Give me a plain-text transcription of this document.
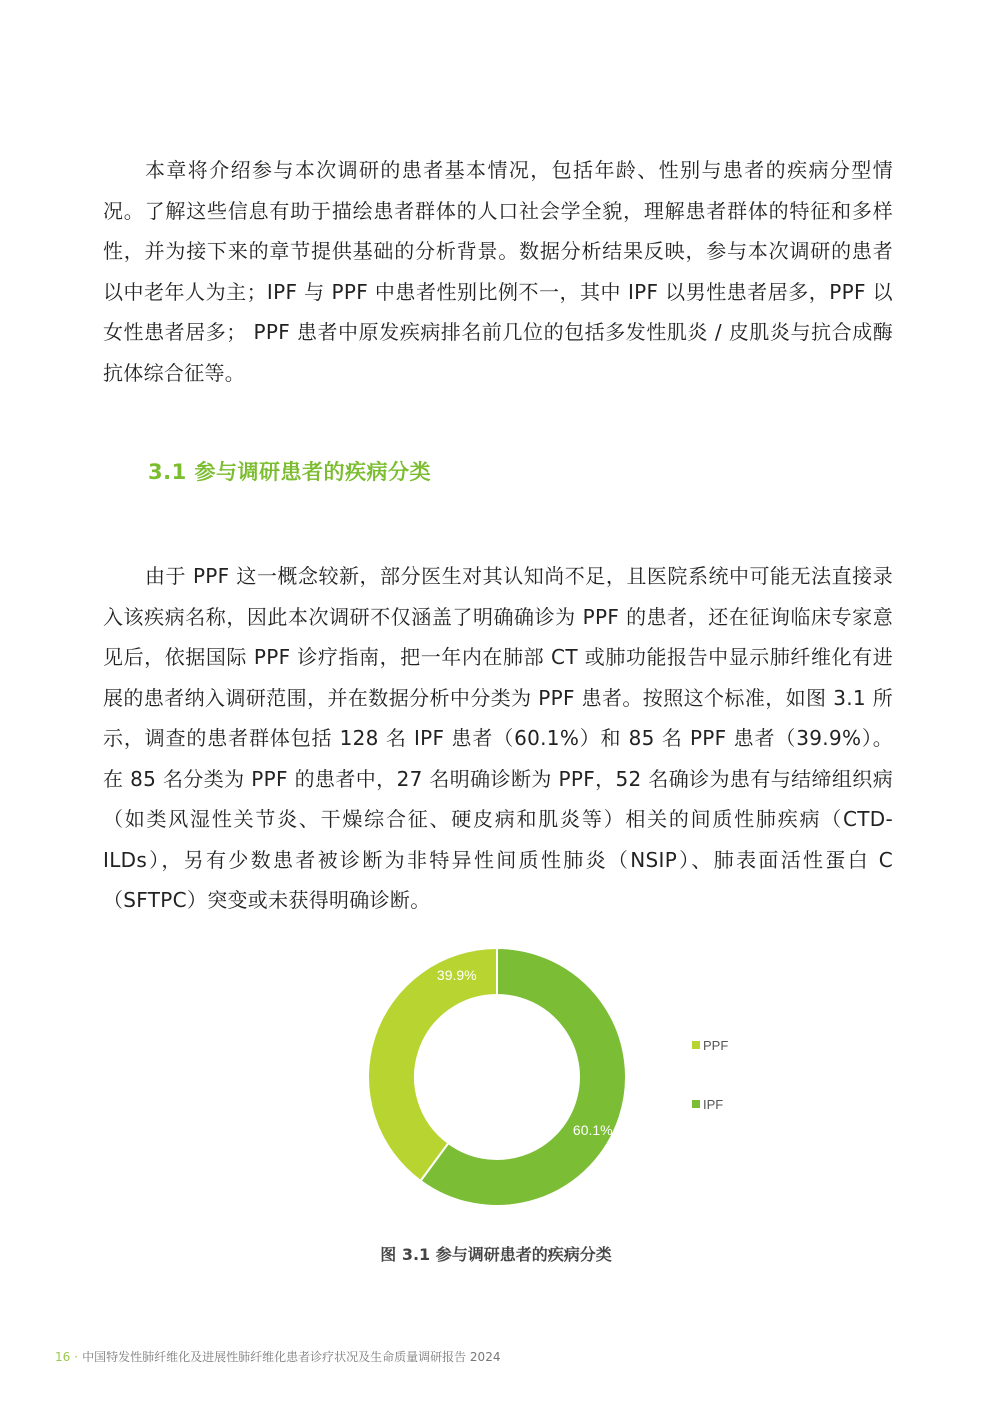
本章将介绍参与本次调研的患者基本情况，包括年龄、性别与患者的疾病分型情况。了解这些信息有助于描绘患者群体的人口社会学全貌，理解患者群体的特征和多样性，并为接下来的章节提供基础的分析背景。数据分析结果反映，参与本次调研的患者以中老年人为主；IPF 与 PPF 中患者性别比例不一，其中 IPF 以男性患者居多，PPF 以女性患者居多； PPF 患者中原发疾病排名前几位的包括多发性肌炎 / 皮肌炎与抗合成酶抗体综合征等。

3.1 参与调研患者的疾病分类

由于 PPF 这一概念较新，部分医生对其认知尚不足，且医院系统中可能无法直接录入该疾病名称，因此本次调研不仅涵盖了明确确诊为 PPF 的患者，还在征询临床专家意见后，依据国际 PPF 诊疗指南，把一年内在肺部 CT 或肺功能报告中显示肺纤维化有进展的患者纳入调研范围，并在数据分析中分类为 PPF 患者。按照这个标准，如图 3.1 所示，调查的患者群体包括 128 名 IPF 患者（60.1%）和 85 名 PPF 患者（39.9%）。在 85 名分类为 PPF 的患者中，27 名明确诊断为 PPF，52 名确诊为患有与结缔组织病（如类风湿性关节炎、干燥综合征、硬皮病和肌炎等）相关的间质性肺疾病（CTD-ILDs），另有少数患者被诊断为非特异性间质性肺炎（NSIP）、肺表面活性蛋白 C （SFTPC）突变或未获得明确诊断。

60.1%
39.9%
PPF
IPF

图 3.1 参与调研患者的疾病分类

16 · 中国特发性肺纤维化及进展性肺纤维化患者诊疗状况及生命质量调研报告 2024
